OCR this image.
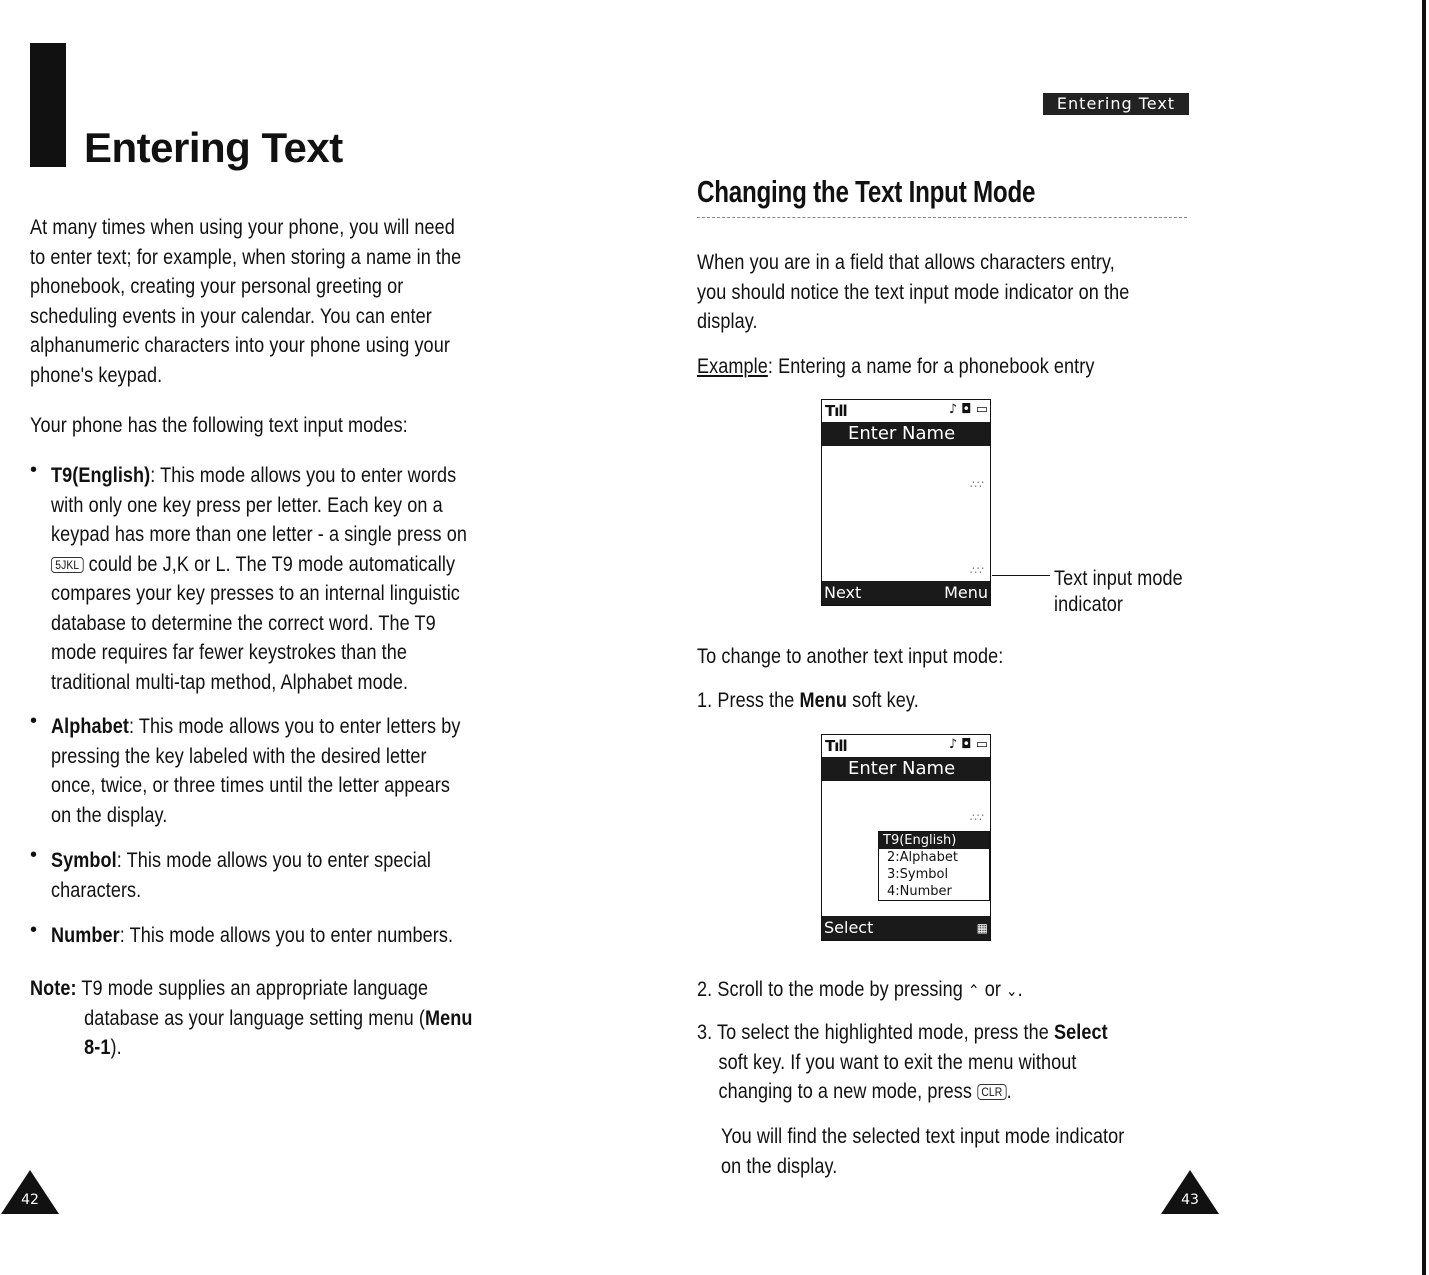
Entering Text
At many times when using your phone, you will need
to enter text; for example, when storing a name in the
phonebook, creating your personal greeting or
scheduling events in your calendar. You can enter
alphanumeric characters into your phone using your
phone's keypad.
Your phone has the following text input modes:
• T9(English): This mode allows you to enter words
with only one key press per letter. Each key on a
keypad has more than one letter - a single press on
5JKL could be J,K or L. The T9 mode automatically
compares your key presses to an internal linguistic
database to determine the correct word. The T9
mode requires far fewer keystrokes than the
traditional multi-tap method, Alphabet mode.
• Alphabet: This mode allows you to enter letters by
pressing the key labeled with the desired letter
once, twice, or three times until the letter appears
on the display.
• Symbol: This mode allows you to enter special
characters.
• Number: This mode allows you to enter numbers.
Note: T9 mode supplies an appropriate language
database as your language setting menu (Menu
8-1).
42
Entering Text
Changing the Text Input Mode
When you are in a field that allows characters entry,
you should notice the text input mode indicator on the
display.
Example: Entering a name for a phonebook entry
Tıll	♪ ◘ ▭
Enter Name
∴∵
∴∵
Next	Menu
Text input mode
indicator
To change to another text input mode:
1. Press the Menu soft key.
Tıll	♪ ◘ ▭
Enter Name
∴∵
T9(English)
2:Alphabet
3:Symbol
4:Number
Select	▦
2. Scroll to the mode by pressing ⌃ or ⌄.
3. To select the highlighted mode, press the Select
soft key. If you want to exit the menu without
changing to a new mode, press CLR .
You will find the selected text input mode indicator
on the display.
43
